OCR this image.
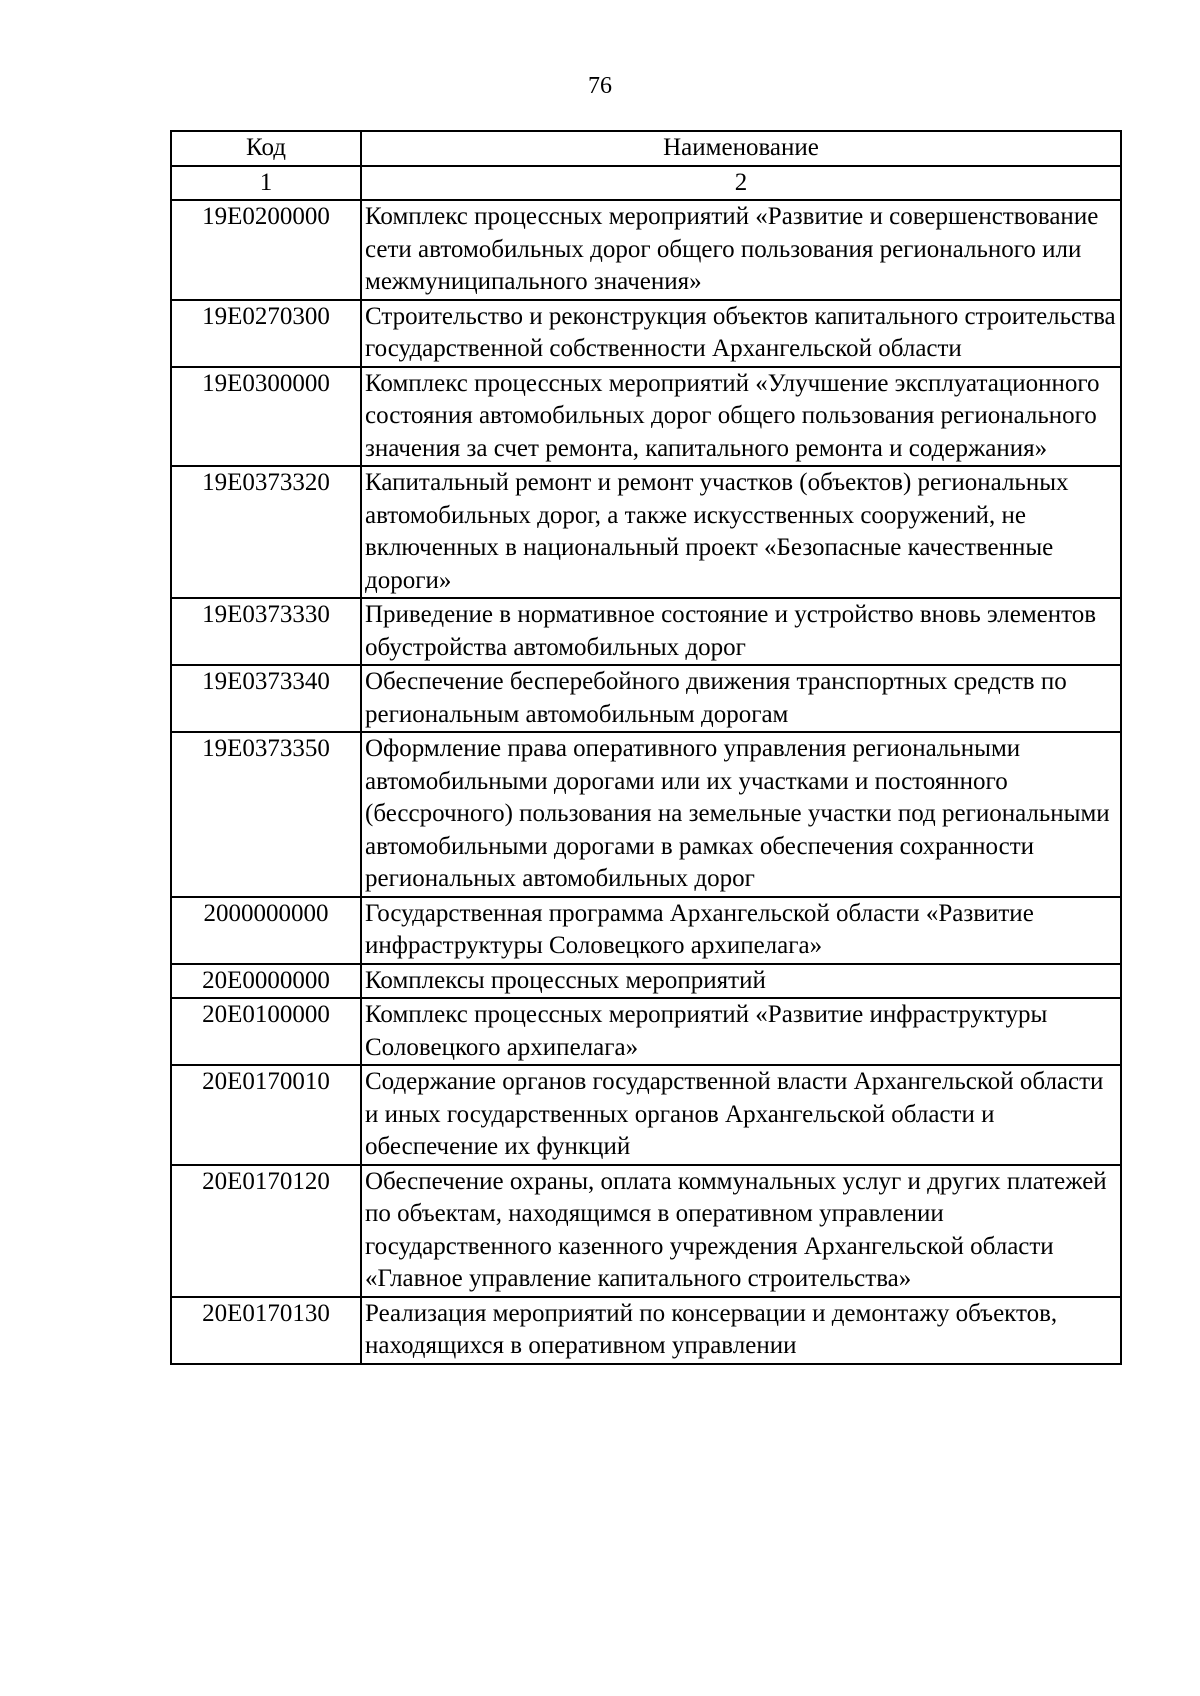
76
Код	Наименование
1	2
19Е0200000	Комплекс процессных мероприятий «Развитие и совершенствование сети автомобильных дорог общего пользования регионального или межмуниципального значения»
19Е0270300	Строительство и реконструкция объектов капитального строительства государственной собственности Архангельской области
19Е0300000	Комплекс процессных мероприятий «Улучшение эксплуатационного состояния автомобильных дорог общего пользования регионального значения за счет ремонта, капитального ремонта и содержания»
19Е0373320	Капитальный ремонт и ремонт участков (объектов) региональных автомобильных дорог, а также искусственных сооружений, не включенных в национальный проект «Безопасные качественные дороги»
19Е0373330	Приведение в нормативное состояние и устройство вновь элементов обустройства автомобильных дорог
19Е0373340	Обеспечение бесперебойного движения транспортных средств по региональным автомобильным дорогам
19Е0373350	Оформление права оперативного управления региональными автомобильными дорогами или их участками и постоянного (бессрочного) пользования на земельные участки под региональными автомобильными дорогами в рамках обеспечения сохранности региональных автомобильных дорог
2000000000	Государственная программа Архангельской области «Развитие инфраструктуры Соловецкого архипелага»
20Е0000000	Комплексы процессных мероприятий
20Е0100000	Комплекс процессных мероприятий «Развитие инфраструктуры Соловецкого архипелага»
20Е0170010	Содержание органов государственной власти Архангельской области и иных государственных органов Архангельской области и обеспечение их функций
20Е0170120	Обеспечение охраны, оплата коммунальных услуг и других платежей по объектам, находящимся в оперативном управлении государственного казенного учреждения Архангельской области «Главное управление капитального строительства»
20Е0170130	Реализация мероприятий по консервации и демонтажу объектов, находящихся в оперативном управлении
